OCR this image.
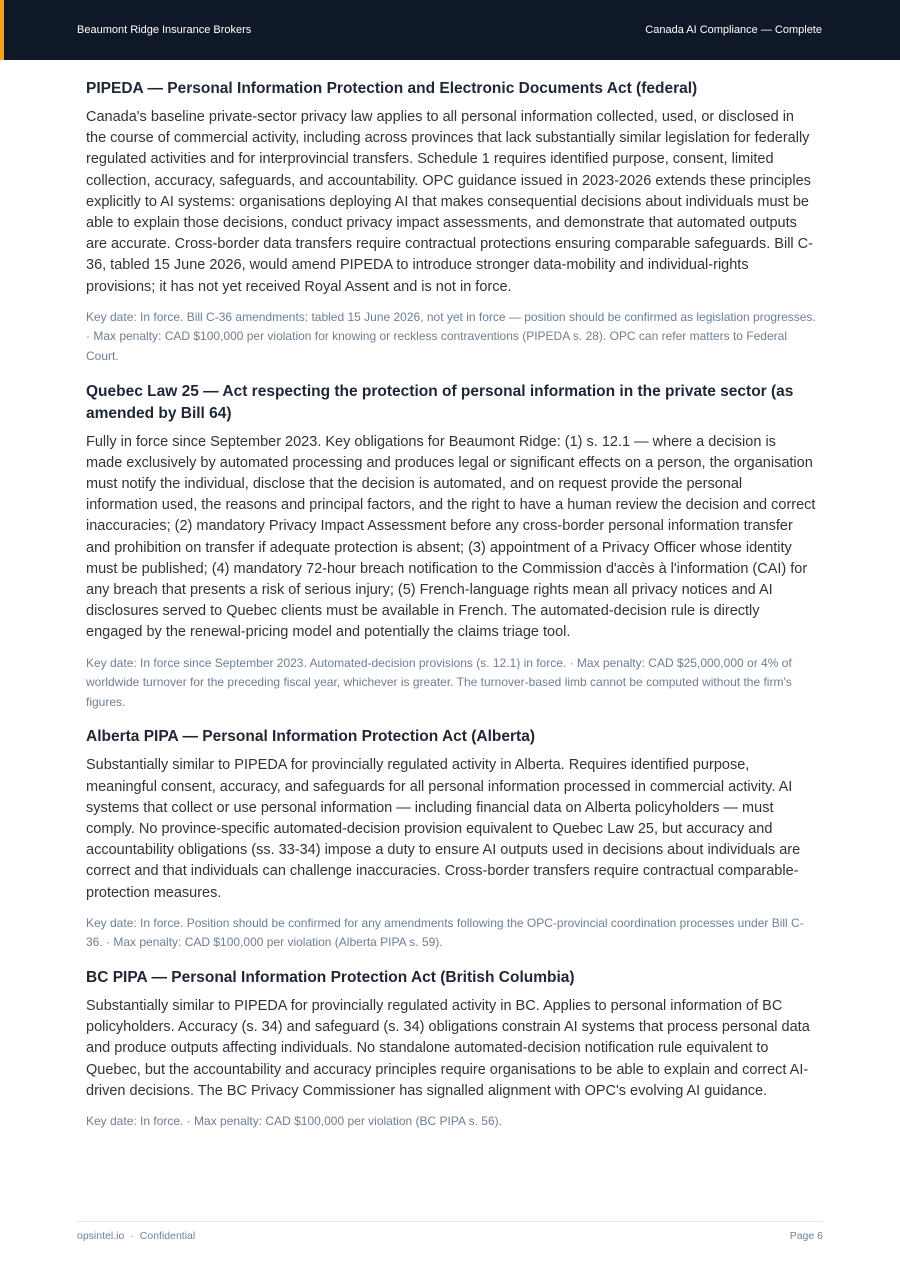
Beaumont Ridge Insurance Brokers	Canada AI Compliance — Complete
PIPEDA — Personal Information Protection and Electronic Documents Act (federal)

Canada's baseline private-sector privacy law applies to all personal information collected, used, or disclosed in the course of commercial activity, including across provinces that lack substantially similar legislation for federally regulated activities and for interprovincial transfers. Schedule 1 requires identified purpose, consent, limited collection, accuracy, safeguards, and accountability. OPC guidance issued in 2023-2026 extends these principles explicitly to AI systems: organisations deploying AI that makes consequential decisions about individuals must be able to explain those decisions, conduct privacy impact assessments, and demonstrate that automated outputs are accurate. Cross-border data transfers require contractual protections ensuring comparable safeguards. Bill C-36, tabled 15 June 2026, would amend PIPEDA to introduce stronger data-mobility and individual-rights provisions; it has not yet received Royal Assent and is not in force.

Key date: In force. Bill C-36 amendments: tabled 15 June 2026, not yet in force — position should be confirmed as legislation progresses. · Max penalty: CAD $100,000 per violation for knowing or reckless contraventions (PIPEDA s. 28). OPC can refer matters to Federal Court.

Quebec Law 25 — Act respecting the protection of personal information in the private sector (as amended by Bill 64)

Fully in force since September 2023. Key obligations for Beaumont Ridge: (1) s. 12.1 — where a decision is made exclusively by automated processing and produces legal or significant effects on a person, the organisation must notify the individual, disclose that the decision is automated, and on request provide the personal information used, the reasons and principal factors, and the right to have a human review the decision and correct inaccuracies; (2) mandatory Privacy Impact Assessment before any cross-border personal information transfer and prohibition on transfer if adequate protection is absent; (3) appointment of a Privacy Officer whose identity must be published; (4) mandatory 72-hour breach notification to the Commission d'accès à l'information (CAI) for any breach that presents a risk of serious injury; (5) French-language rights mean all privacy notices and AI disclosures served to Quebec clients must be available in French. The automated-decision rule is directly engaged by the renewal-pricing model and potentially the claims triage tool.

Key date: In force since September 2023. Automated-decision provisions (s. 12.1) in force. · Max penalty: CAD $25,000,000 or 4% of worldwide turnover for the preceding fiscal year, whichever is greater. The turnover-based limb cannot be computed without the firm's figures.

Alberta PIPA — Personal Information Protection Act (Alberta)

Substantially similar to PIPEDA for provincially regulated activity in Alberta. Requires identified purpose, meaningful consent, accuracy, and safeguards for all personal information processed in commercial activity. AI systems that collect or use personal information — including financial data on Alberta policyholders — must comply. No province-specific automated-decision provision equivalent to Quebec Law 25, but accuracy and accountability obligations (ss. 33-34) impose a duty to ensure AI outputs used in decisions about individuals are correct and that individuals can challenge inaccuracies. Cross-border transfers require contractual comparable-protection measures.

Key date: In force. Position should be confirmed for any amendments following the OPC-provincial coordination processes under Bill C-36. · Max penalty: CAD $100,000 per violation (Alberta PIPA s. 59).

BC PIPA — Personal Information Protection Act (British Columbia)

Substantially similar to PIPEDA for provincially regulated activity in BC. Applies to personal information of BC policyholders. Accuracy (s. 34) and safeguard (s. 34) obligations constrain AI systems that process personal data and produce outputs affecting individuals. No standalone automated-decision notification rule equivalent to Quebec, but the accountability and accuracy principles require organisations to be able to explain and correct AI-driven decisions. The BC Privacy Commissioner has signalled alignment with OPC's evolving AI guidance.

Key date: In force. · Max penalty: CAD $100,000 per violation (BC PIPA s. 56).

opsintel.io · Confidential	Page 6
